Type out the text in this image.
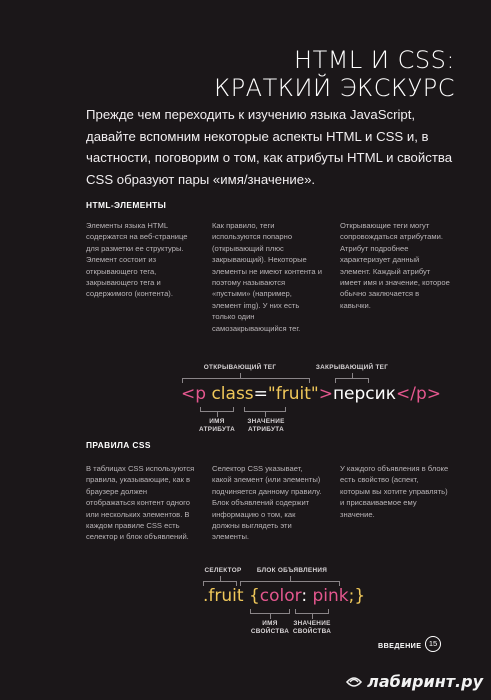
HTML И CSS:
КРАТКИЙ ЭКСКУРС

Прежде чем переходить к изучению языка JavaScript, давайте вспомним некоторые аспекты HTML и CSS и, в частности, поговорим о том, как атрибуты HTML и свойства CSS образуют пары «имя/значение».

HTML-ЭЛЕМЕНТЫ

Элементы языка HTML содержатся на веб-странице для разметки ее структуры. Элемент состоит из открывающего тега, закрывающего тега и содержимого (контента).

Как правило, теги используются попарно (открывающий плюс закрывающий). Некоторые элементы не имеют контента и поэтому называются «пустыми» (например, элемент img). У них есть только один самозакрывающийся тег.

Открывающие теги могут сопровождаться атрибутами. Атрибут подробнее характеризует данный элемент. Каждый атрибут имеет имя и значение, которое обычно заключается в кавычки.

ОТКРЫВАЮЩИЙ ТЕГ	ЗАКРЫВАЮЩИЙ ТЕГ
<p class="fruit">персик</p>
ИМЯ
АТРИБУТА
ЗНАЧЕНИЕ
АТРИБУТА
ПРАВИЛА CSS

В таблицах CSS используются правила, указывающие, как в браузере должен отображаться контент одного или нескольких элементов. В каждом правиле CSS есть селектор и блок объявлений.

Селектор CSS указывает, какой элемент (или элементы) подчиняется данному правилу. Блок объявлений содержит информацию о том, как должны выглядеть эти элементы.

У каждого объявления в блоке есть свойство (аспект, которым вы хотите управлять) и присваиваемое ему значение.

СЕЛЕКТОР	БЛОК ОБЪЯВЛЕНИЯ
.fruit {color: pink;}
ИМЯ
СВОЙСТВА
ЗНАЧЕНИЕ
СВОЙСТВА
ВВЕДЕНИЕ 15
лабиринт.ру
